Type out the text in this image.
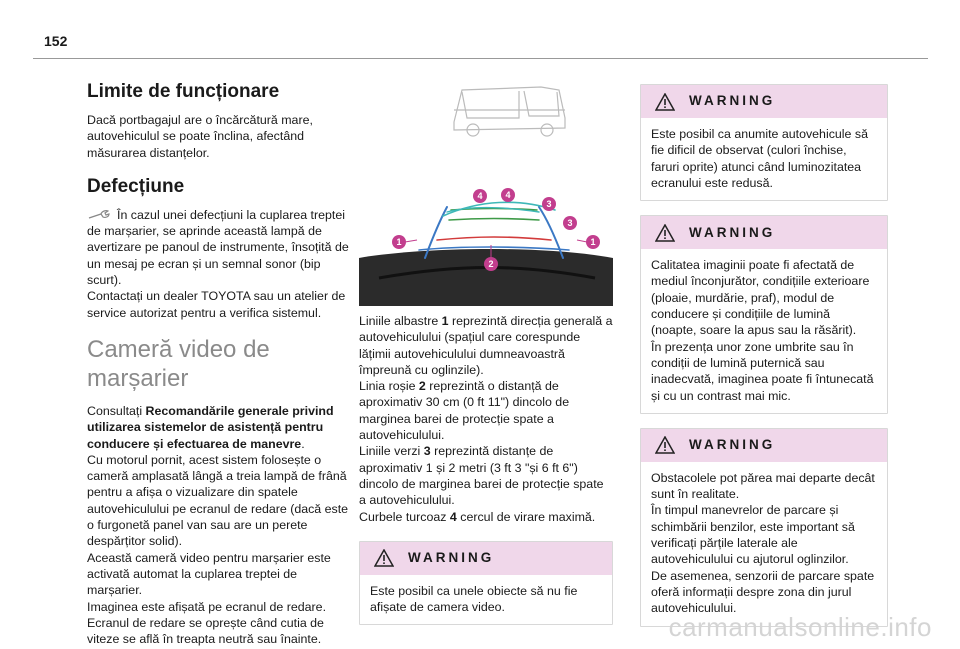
152
Limite de funcționare
Dacă portbagajul are o încărcătură mare, autovehiculul se poate înclina, afectând măsurarea distanțelor.
Defecțiune
În cazul unei defecțiuni la cuplarea treptei de marșarier, se aprinde această lampă de avertizare pe panoul de instrumente, însoțită de un mesaj pe ecran și un semnal sonor (bip scurt).
Contactați un dealer TOYOTA sau un atelier de service autorizat pentru a verifica sistemul.
Cameră video de
marșarier
Consultați Recomandările generale privind utilizarea sistemelor de asistență pentru conducere și efectuarea de manevre.
Cu motorul pornit, acest sistem folosește o cameră amplasată lângă a treia lampă de frână pentru a afișa o vizualizare din spatele autovehiculului pe ecranul de redare (dacă este o furgonetă panel van sau are un perete despărțitor solid).
Această cameră video pentru marșarier este activată automat la cuplarea treptei de marșarier.
Imaginea este afișată pe ecranul de redare.
Ecranul de redare se oprește când cutia de viteze se află în treapta neutră sau înainte.
1	1
2
3
3
4	4
Liniile albastre 1 reprezintă direcția generală a autovehiculului (spațiul care corespunde lățimii autovehiculului dumneavoastră împreună cu oglinzile).
Linia roșie 2 reprezintă o distanță de aproximativ 30 cm (0 ft 11") dincolo de marginea barei de protecție spate a autovehiculului.
Liniile verzi 3 reprezintă distanțe de aproximativ 1 și 2 metri (3 ft 3 "și 6 ft 6") dincolo de marginea barei de protecție spate a autovehiculului.
Curbele turcoaz 4 cercul de virare maximă.
WARNING
Este posibil ca unele obiecte să nu fie afișate de camera video.
WARNING
Este posibil ca anumite autovehicule să fie dificil de observat (culori închise, faruri oprite) atunci când luminozitatea ecranului este redusă.
WARNING
Calitatea imaginii poate fi afectată de mediul înconjurător, condițiile exterioare (ploaie, murdărie, praf), modul de conducere și condițiile de lumină (noapte, soare la apus sau la răsărit).
În prezența unor zone umbrite sau în condiții de lumină puternică sau inadecvată, imaginea poate fi întunecată și cu un contrast mai mic.
WARNING
Obstacolele pot părea mai departe decât sunt în realitate.
În timpul manevrelor de parcare și schimbării benzilor, este important să verificați părțile laterale ale autovehiculului cu ajutorul oglinzilor.
De asemenea, senzorii de parcare spate oferă informații despre zona din jurul autovehiculului.
carmanualsonline.info
